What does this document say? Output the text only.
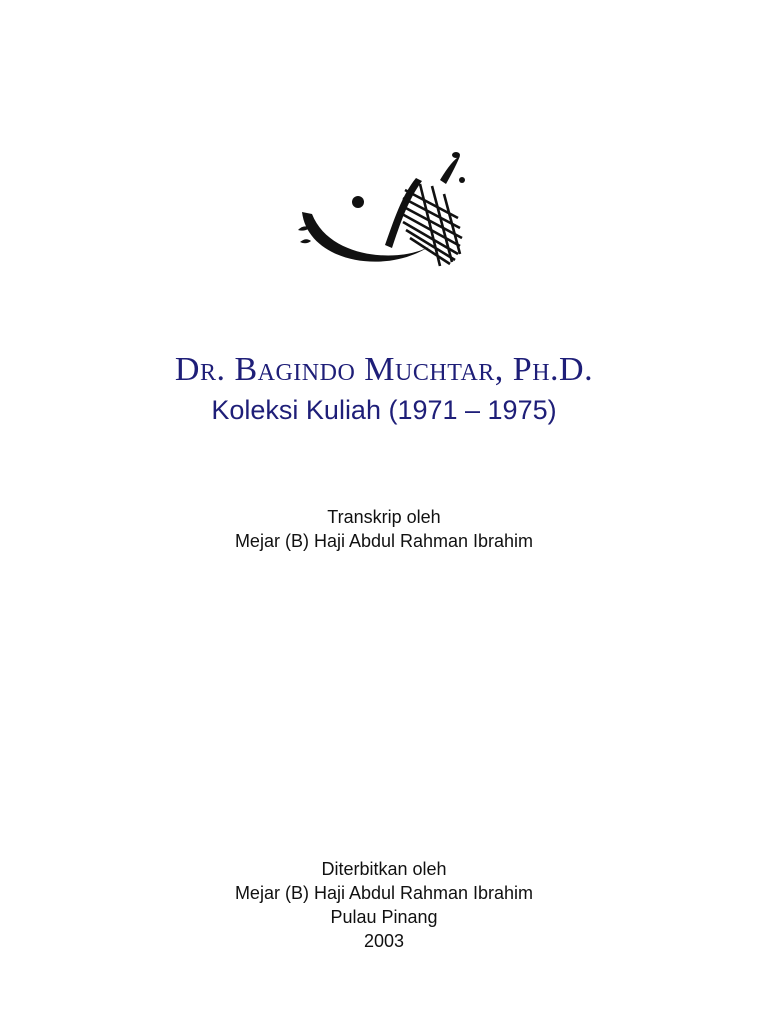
Dr. Bagindo Muchtar, Ph.D.
Koleksi Kuliah (1971 – 1975)
Transkrip oleh
Mejar (B) Haji Abdul Rahman Ibrahim
Diterbitkan oleh
Mejar (B) Haji Abdul Rahman Ibrahim
Pulau Pinang
2003
